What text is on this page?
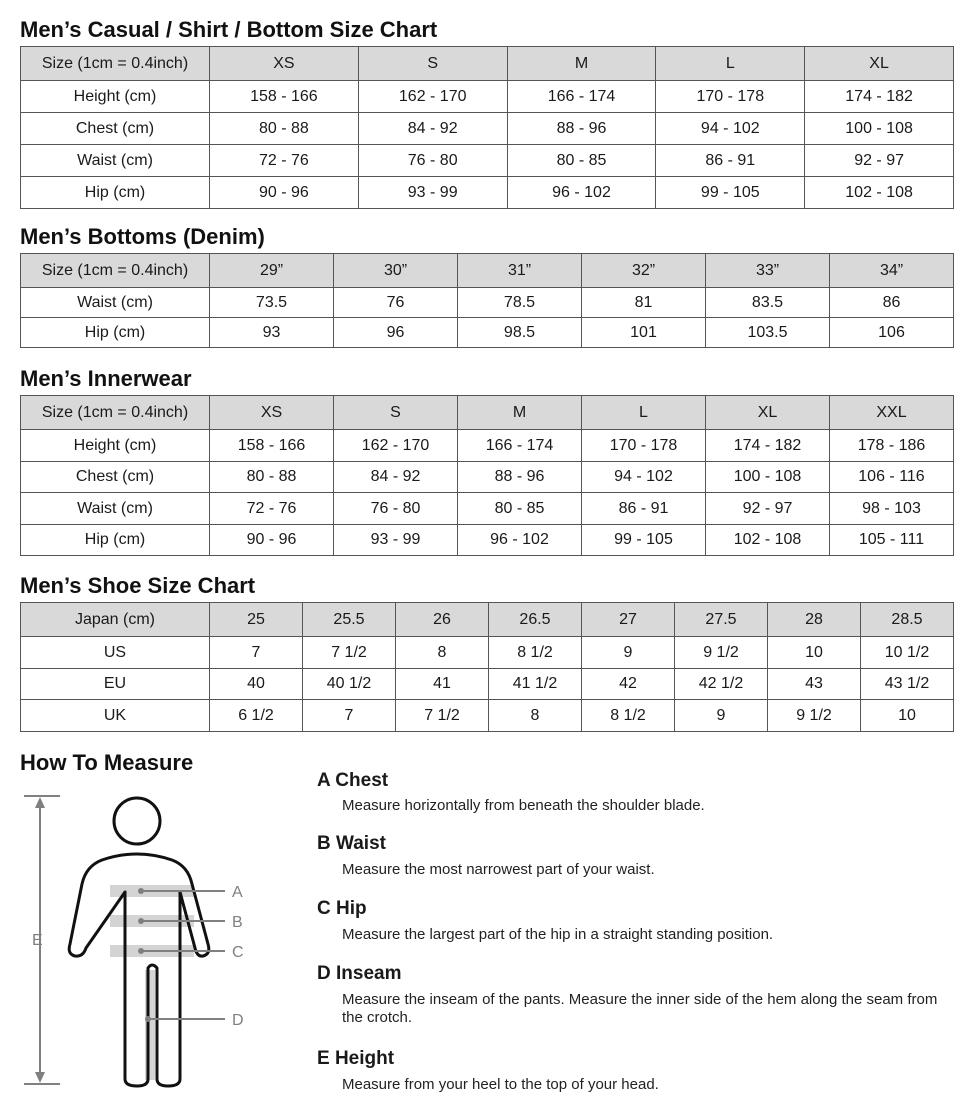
Men’s Casual / Shirt / Bottom Size Chart
Size (1cm = 0.4inch)	XS	S	M	L	XL
Height (cm)	158 - 166	162 - 170	166 - 174	170 - 178	174 - 182
Chest (cm)	80 - 88	84 - 92	88 - 96	94 - 102	100 - 108
Waist (cm)	72 - 76	76 - 80	80 - 85	86 - 91	92 - 97
Hip (cm)	90 - 96	93 - 99	96 - 102	99 - 105	102 - 108
Men’s Bottoms (Denim)
Size (1cm = 0.4inch)	29”	30”	31”	32”	33”	34”
Waist (cm)	73.5	76	78.5	81	83.5	86
Hip (cm)	93	96	98.5	101	103.5	106
Men’s Innerwear
Size (1cm = 0.4inch)	XS	S	M	L	XL	XXL
Height (cm)	158 - 166	162 - 170	166 - 174	170 - 178	174 - 182	178 - 186
Chest (cm)	80 - 88	84 - 92	88 - 96	94 - 102	100 - 108	106 - 116
Waist (cm)	72 - 76	76 - 80	80 - 85	86 - 91	92 - 97	98 - 103
Hip (cm)	90 - 96	93 - 99	96 - 102	99 - 105	102 - 108	105 - 111
Men’s Shoe Size Chart
Japan (cm)	25	25.5	26	26.5	27	27.5	28	28.5
US	7	7 1/2	8	8 1/2	9	9 1/2	10	10 1/2
EU	40	40 1/2	41	41 1/2	42	42 1/2	43	43 1/2
UK	6 1/2	7	7 1/2	8	8 1/2	9	9 1/2	10
How To Measure
A
B
C
D
E
A Chest

Measure horizontally from beneath the shoulder blade.

B Waist

Measure the most narrowest part of your waist.

C Hip

Measure the largest part of the hip in a straight standing position.

D Inseam

Measure the inseam of the pants. Measure the inner side of the hem along the seam from the crotch.

E Height

Measure from your heel to the top of your head.
